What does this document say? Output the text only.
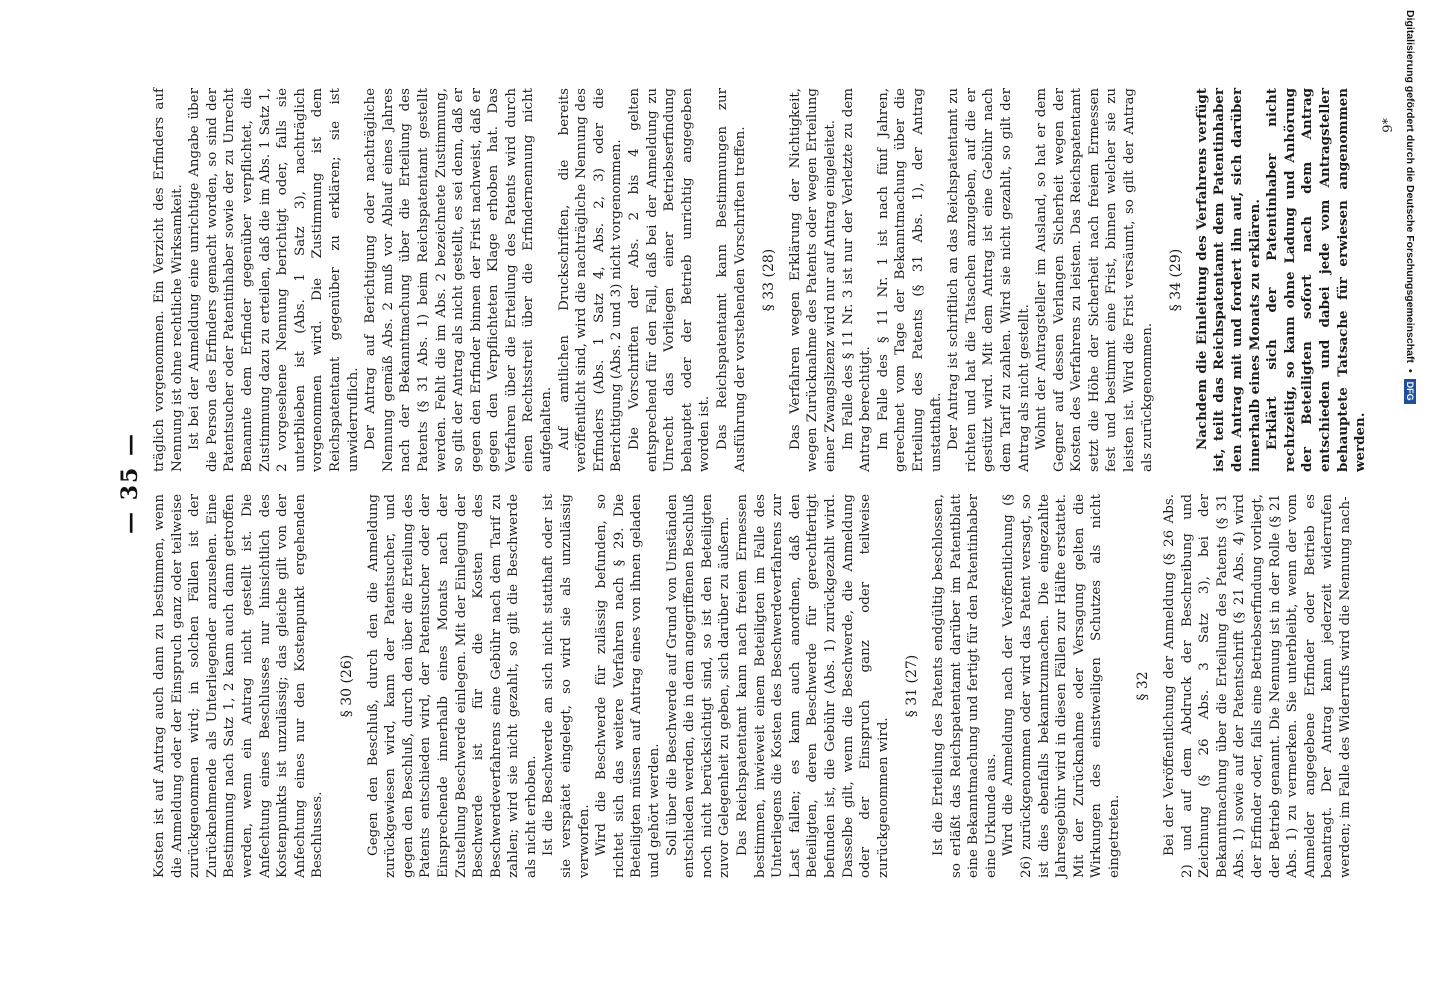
— 35 —

Kosten ist auf Antrag auch dann zu bestimmen, wenn die Anmeldung oder der Einspruch ganz oder teilweise zurückgenommen wird; in solchen Fällen ist der Zurücknehmende als Unterliegender anzusehen. Eine Bestimmung nach Satz 1, 2 kann auch dann getroffen werden, wenn ein Antrag nicht gestellt ist. Die Anfechtung eines Beschlusses nur hinsichtlich des Kostenpunkts ist unzulässig; das gleiche gilt von der Anfechtung eines nur den Kostenpunkt ergehenden Beschlusses.

§ 30 (26) Gegen den Beschluß, durch den die Anmeldung zurückgewiesen wird, kann der Patentsucher, und gegen den Beschluß, durch den über die Erteilung des Patents entschieden wird, der Patentsucher oder der Einsprechende innerhalb eines Monats nach der Zustellung Beschwerde einlegen. Mit der Einlegung der Beschwerde ist für die Kosten des Beschwerdeverfahrens eine Gebühr nach dem Tarif zu zahlen; wird sie nicht gezahlt, so gilt die Beschwerde als nicht erhoben. Ist die Beschwerde an sich nicht statthaft oder ist sie verspätet eingelegt, so wird sie als unzulässig verworfen. Wird die Beschwerde für zulässig befunden, so richtet sich das weitere Verfahren nach § 29. Die Beteiligten müssen auf Antrag eines von ihnen geladen und gehört werden. Soll über die Beschwerde auf Grund von Umständen entschieden werden, die in dem angegriffenen Beschluß noch nicht berücksichtigt sind, so ist den Beteiligten zuvor Gelegenheit zu geben, sich darüber zu äußern. Das Reichspatentamt kann nach freiem Ermessen bestimmen, inwieweit einem Beteiligten im Falle des Unterliegens die Kosten des Beschwerdeverfahrens zur Last fallen; es kann auch anordnen, daß den Beteiligten, deren Beschwerde für gerechtfertigt befunden ist, die Gebühr (Abs. 1) zurückgezahlt wird. Dasselbe gilt, wenn die Beschwerde, die Anmeldung oder der Einspruch ganz oder teilweise zurückgenommen wird.

§ 31 (27) Ist die Erteilung des Patents endgültig beschlossen, so erläßt das Reichspatentamt darüber im Patentblatt eine Bekanntmachung und fertigt für den Patentinhaber eine Urkunde aus. Wird die Anmeldung nach der Veröffentlichung (§ 26) zurückgenommen oder wird das Patent versagt, so ist dies ebenfalls bekanntzumachen. Die eingezahlte Jahresgebühr wird in diesen Fällen zur Hälfte erstattet. Mit der Zurücknahme oder Versagung gelten die Wirkungen des einstweiligen Schutzes als nicht eingetreten.

§ 32 Bei der Veröffentlichung der Anmeldung (§ 26 Abs. 2) und auf dem Abdruck der Beschreibung und Zeichnung (§ 26 Abs. 3 Satz 3), bei der Bekanntmachung über die Erteilung des Patents (§ 31 Abs. 1) sowie auf der Patentschrift (§ 21 Abs. 4) wird der Erfinder oder, falls eine Betriebserfindung vorliegt, der Betrieb genannt. Die Nennung ist in der Rolle (§ 21 Abs. 1) zu vermerken. Sie unterbleibt, wenn der vom Anmelder angegebene Erfinder oder Betrieb es beantragt. Der Antrag kann jederzeit widerrufen werden; im Falle des Widerrufs wird die Nennung nach-

träglich vorgenommen. Ein Verzicht des Erfinders auf Nennung ist ohne rechtliche Wirksamkeit. Ist bei der Anmeldung eine unrichtige Angabe über die Person des Erfinders gemacht worden, so sind der Patentsucher oder Patentinhaber sowie der zu Unrecht Benannte dem Erfinder gegenüber verpflichtet, die Zustimmung dazu zu erteilen, daß die im Abs. 1 Satz 1, 2 vorgesehene Nennung berichtigt oder, falls sie unterblieben ist (Abs. 1 Satz 3), nachträglich vorgenommen wird. Die Zustimmung ist dem Reichspatentamt gegenüber zu erklären; sie ist unwiderruflich. Der Antrag auf Berichtigung oder nachträgliche Nennung gemäß Abs. 2 muß vor Ablauf eines Jahres nach der Bekanntmachung über die Erteilung des Patents (§ 31 Abs. 1) beim Reichspatentamt gestellt werden. Fehlt die im Abs. 2 bezeichnete Zustimmung, so gilt der Antrag als nicht gestellt, es sei denn, daß er gegen den Erfinder binnen der Frist nachweist, daß er gegen den Verpflichteten Klage erhoben hat. Das Verfahren über die Erteilung des Patents wird durch einen Rechtsstreit über die Erfindernennung nicht aufgehalten. Auf amtlichen Druckschriften, die bereits veröffentlicht sind, wird die nachträgliche Nennung des Erfinders (Abs. 1 Satz 4, Abs. 2, 3) oder die Berichtigung (Abs. 2 und 3) nicht vorgenommen. Die Vorschriften der Abs. 2 bis 4 gelten entsprechend für den Fall, daß bei der Anmeldung zu Unrecht das Vorliegen einer Betriebserfindung behauptet oder der Betrieb unrichtig angegeben worden ist. Das Reichspatentamt kann Bestimmungen zur Ausführung der vorstehenden Vorschriften treffen. § 33 (28) Das Verfahren wegen Erklärung der Nichtigkeit, wegen Zurücknahme des Patents oder wegen Erteilung einer Zwangslizenz wird nur auf Antrag eingeleitet. Im Falle des § 11 Nr. 3 ist nur der Verletzte zu dem Antrag berechtigt. Im Falle des § 11 Nr. 1 ist nach fünf Jahren, gerechnet vom Tage der Bekanntmachung über die Erteilung des Patents (§ 31 Abs. 1), der Antrag unstatthaft. Der Antrag ist schriftlich an das Reichspatentamt zu richten und hat die Tatsachen anzugeben, auf die er gestützt wird. Mit dem Antrag ist eine Gebühr nach dem Tarif zu zahlen. Wird sie nicht gezahlt, so gilt der Antrag als nicht gestellt. Wohnt der Antragsteller im Ausland, so hat er dem Gegner auf dessen Verlangen Sicherheit wegen der Kosten des Verfahrens zu leisten. Das Reichspatentamt setzt die Höhe der Sicherheit nach freiem Ermessen fest und bestimmt eine Frist, binnen welcher sie zu leisten ist. Wird die Frist versäumt, so gilt der Antrag als zurückgenommen.

§ 34 (29) Nachdem die Einleitung des Verfahrens verfügt ist, teilt das Reichspatentamt dem Patentinhaber den Antrag mit und fordert ihn auf, sich darüber innerhalb eines Monats zu erklären. Erklärt sich der Patentinhaber nicht rechtzeitig, so kann ohne Ladung und Anhörung der Beteiligten sofort nach dem Antrag entschieden und dabei jede vom Antragsteller behauptete Tatsache für erwiesen angenommen werden.

9* Digitalisierung gefördert durch die Deutsche Forschungsgemeinschaft
•
DFG
